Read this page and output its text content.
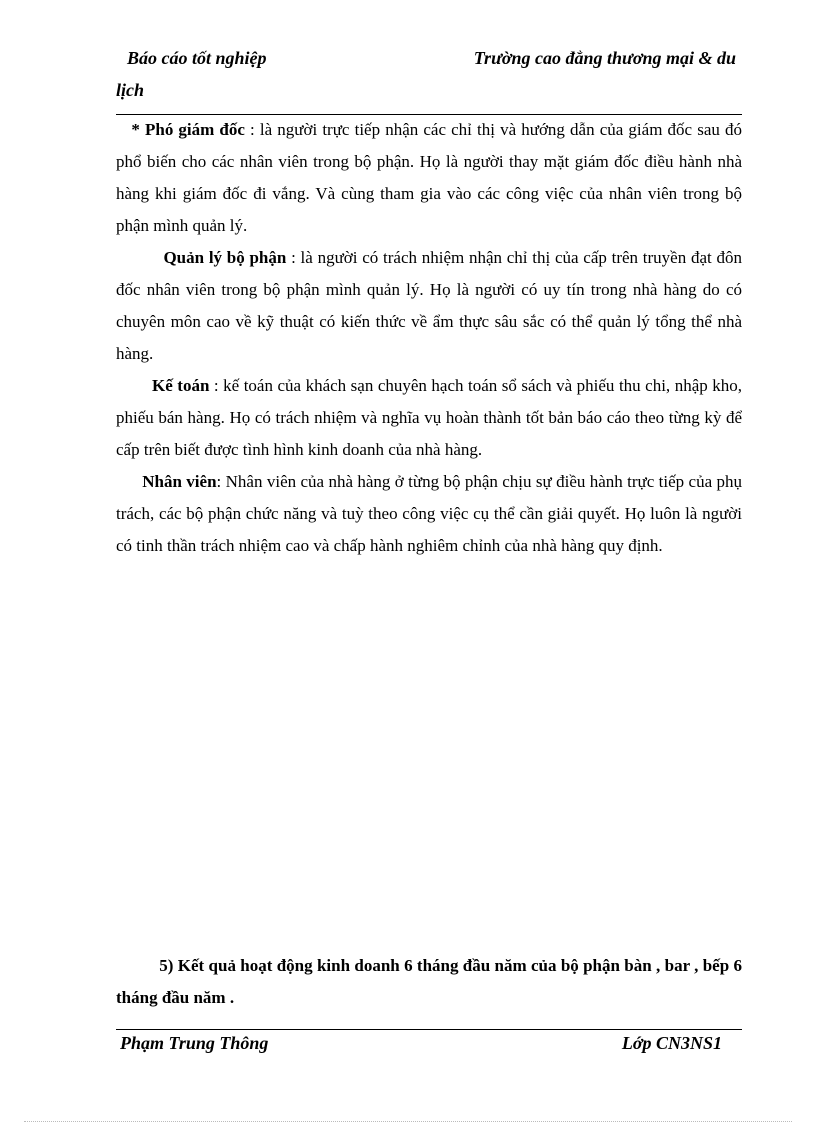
Báo cáo tốt nghiệp	Trường cao đẳng thương mại & du
lịch

* Phó giám đốc : là người trực tiếp nhận các chỉ thị và hướng dẫn của giám đốc sau đó phổ biến cho các nhân viên trong bộ phận. Họ là người thay mặt giám đốc điều hành nhà hàng khi giám đốc đi vắng. Và cùng tham gia vào các công việc của nhân viên trong bộ phận mình quản lý.

Quản lý bộ phận : là người có trách nhiệm nhận chỉ thị của cấp trên truyền đạt đôn đốc nhân viên trong bộ phận mình quản lý. Họ là người có uy tín trong nhà hàng do có chuyên môn cao về kỹ thuật có kiến thức về ẩm thực sâu sắc có thể quản lý tổng thể nhà hàng.

Kế toán : kế toán của khách sạn chuyên hạch toán sổ sách và phiếu thu chi, nhập kho, phiếu bán hàng. Họ có trách nhiệm và nghĩa vụ hoàn thành tốt bản báo cáo theo từng kỳ để cấp trên biết được tình hình kinh doanh của nhà hàng.

Nhân viên: Nhân viên của nhà hàng ở từng bộ phận chịu sự điều hành trực tiếp của phụ trách, các bộ phận chức năng và tuỳ theo công việc cụ thể cần giải quyết. Họ luôn là người có tinh thần trách nhiệm cao và chấp hành nghiêm chỉnh của nhà hàng quy định.

5) Kết quả hoạt động kinh doanh 6 tháng đầu năm của bộ phận bàn , bar , bếp 6 tháng đầu năm .

Phạm Trung Thông	Lớp CN3NS1
